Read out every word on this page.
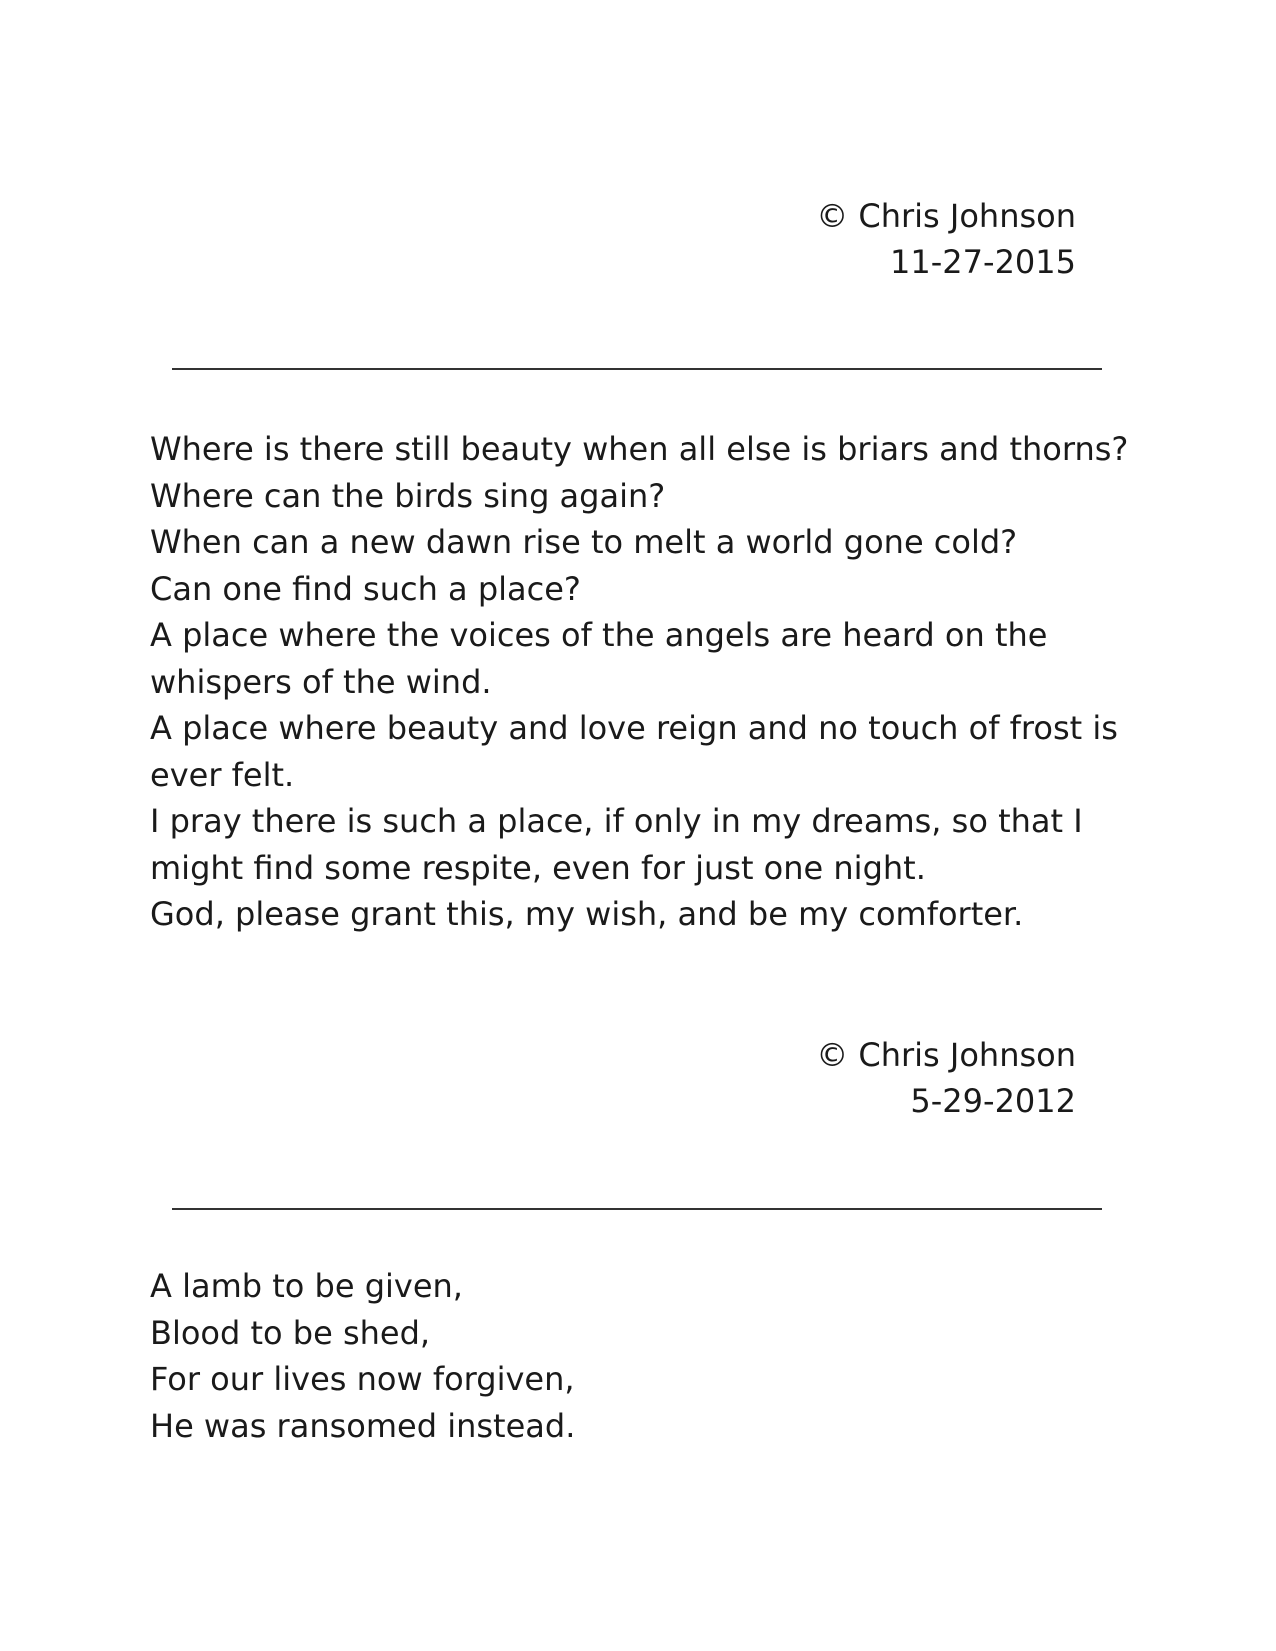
© Chris Johnson
11-27-2015
Where is there still beauty when all else is briars and thorns?
Where can the birds sing again?
When can a new dawn rise to melt a world gone cold?
Can one find such a place?
A place where the voices of the angels are heard on the whispers of the wind.
A place where beauty and love reign and no touch of frost is ever felt.
I pray there is such a place, if only in my dreams, so that I might find some respite, even for just one night.
God, please grant this, my wish, and be my comforter.
© Chris Johnson
5-29-2012
A lamb to be given,
Blood to be shed,
For our lives now forgiven,
He was ransomed instead.
